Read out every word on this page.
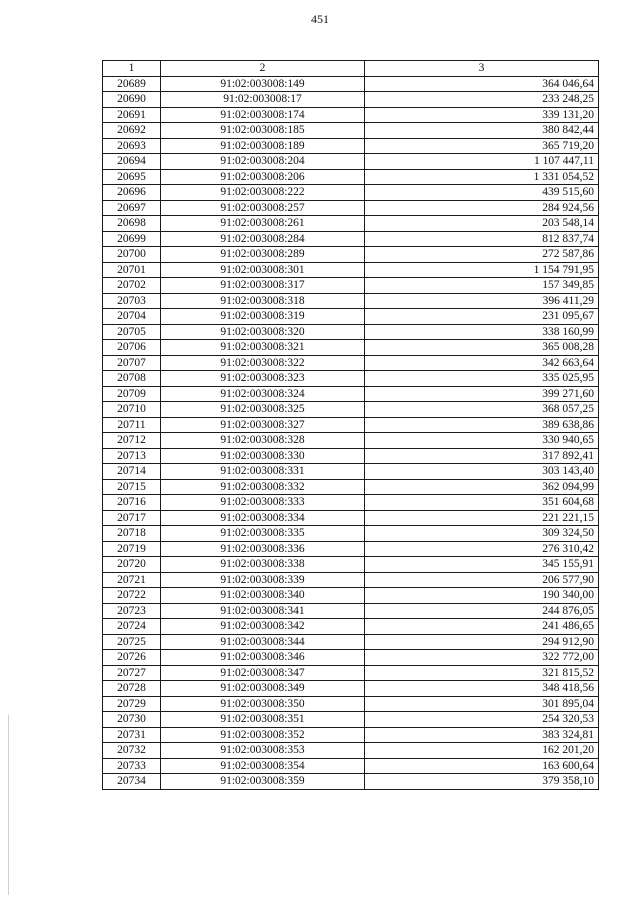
451
1	2	3
20689	91:02:003008:149	364 046,64
20690	91:02:003008:17	233 248,25
20691	91:02:003008:174	339 131,20
20692	91:02:003008:185	380 842,44
20693	91:02:003008:189	365 719,20
20694	91:02:003008:204	1 107 447,11
20695	91:02:003008:206	1 331 054,52
20696	91:02:003008:222	439 515,60
20697	91:02:003008:257	284 924,56
20698	91:02:003008:261	203 548,14
20699	91:02:003008:284	812 837,74
20700	91:02:003008:289	272 587,86
20701	91:02:003008:301	1 154 791,95
20702	91:02:003008:317	157 349,85
20703	91:02:003008:318	396 411,29
20704	91:02:003008:319	231 095,67
20705	91:02:003008:320	338 160,99
20706	91:02:003008:321	365 008,28
20707	91:02:003008:322	342 663,64
20708	91:02:003008:323	335 025,95
20709	91:02:003008:324	399 271,60
20710	91:02:003008:325	368 057,25
20711	91:02:003008:327	389 638,86
20712	91:02:003008:328	330 940,65
20713	91:02:003008:330	317 892,41
20714	91:02:003008:331	303 143,40
20715	91:02:003008:332	362 094,99
20716	91:02:003008:333	351 604,68
20717	91:02:003008:334	221 221,15
20718	91:02:003008:335	309 324,50
20719	91:02:003008:336	276 310,42
20720	91:02:003008:338	345 155,91
20721	91:02:003008:339	206 577,90
20722	91:02:003008:340	190 340,00
20723	91:02:003008:341	244 876,05
20724	91:02:003008:342	241 486,65
20725	91:02:003008:344	294 912,90
20726	91:02:003008:346	322 772,00
20727	91:02:003008:347	321 815,52
20728	91:02:003008:349	348 418,56
20729	91:02:003008:350	301 895,04
20730	91:02:003008:351	254 320,53
20731	91:02:003008:352	383 324,81
20732	91:02:003008:353	162 201,20
20733	91:02:003008:354	163 600,64
20734	91:02:003008:359	379 358,10
